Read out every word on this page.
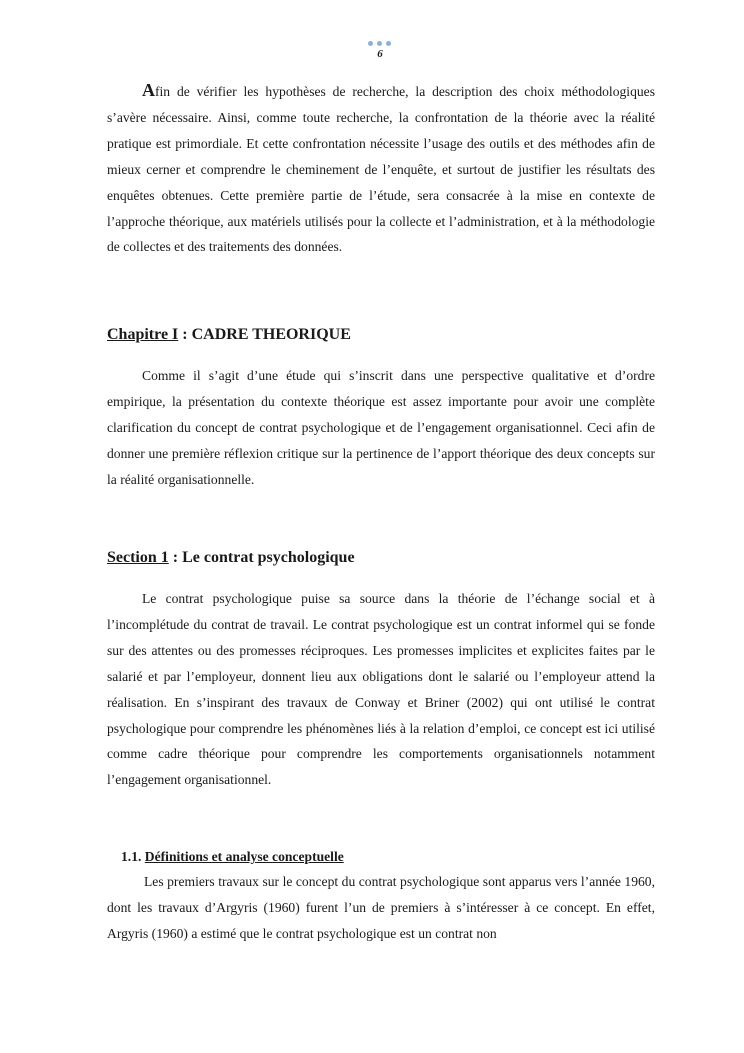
6

Afin de vérifier les hypothèses de recherche, la description des choix méthodologiques s’avère nécessaire. Ainsi, comme toute recherche, la confrontation de la théorie avec la réalité pratique est primordiale. Et cette confrontation nécessite l’usage des outils et des méthodes afin de mieux cerner et comprendre le cheminement de l’enquête, et surtout de justifier les résultats des enquêtes obtenues. Cette première partie de l’étude, sera consacrée à la mise en contexte de l’approche théorique, aux matériels utilisés pour la collecte et l’administration, et à la méthodologie de collectes et des traitements des données.

Chapitre I : CADRE THEORIQUE

Comme il s’agit d’une étude qui s’inscrit dans une perspective qualitative et d’ordre empirique, la présentation du contexte théorique est assez importante pour avoir une complète clarification du concept de contrat psychologique et de l’engagement organisationnel. Ceci afin de donner une première réflexion critique sur la pertinence de l’apport théorique des deux concepts sur la réalité organisationnelle.

Section 1 : Le contrat psychologique

Le contrat psychologique puise sa source dans la théorie de l’échange social et à l’incomplétude du contrat de travail. Le contrat psychologique est un contrat informel qui se fonde sur des attentes ou des promesses réciproques. Les promesses implicites et explicites faites par le salarié et par l’employeur, donnent lieu aux obligations dont le salarié ou l’employeur attend la réalisation. En s’inspirant des travaux de Conway et Briner (2002) qui ont utilisé le contrat psychologique pour comprendre les phénomènes liés à la relation d’emploi, ce concept est ici utilisé comme cadre théorique pour comprendre les comportements organisationnels notamment l’engagement organisationnel.

1.1. Définitions et analyse conceptuelle

Les premiers travaux sur le concept du contrat psychologique sont apparus vers l’année 1960, dont les travaux d’Argyris (1960) furent l’un de premiers à s’intéresser à ce concept. En effet, Argyris (1960) a estimé que le contrat psychologique est un contrat non
